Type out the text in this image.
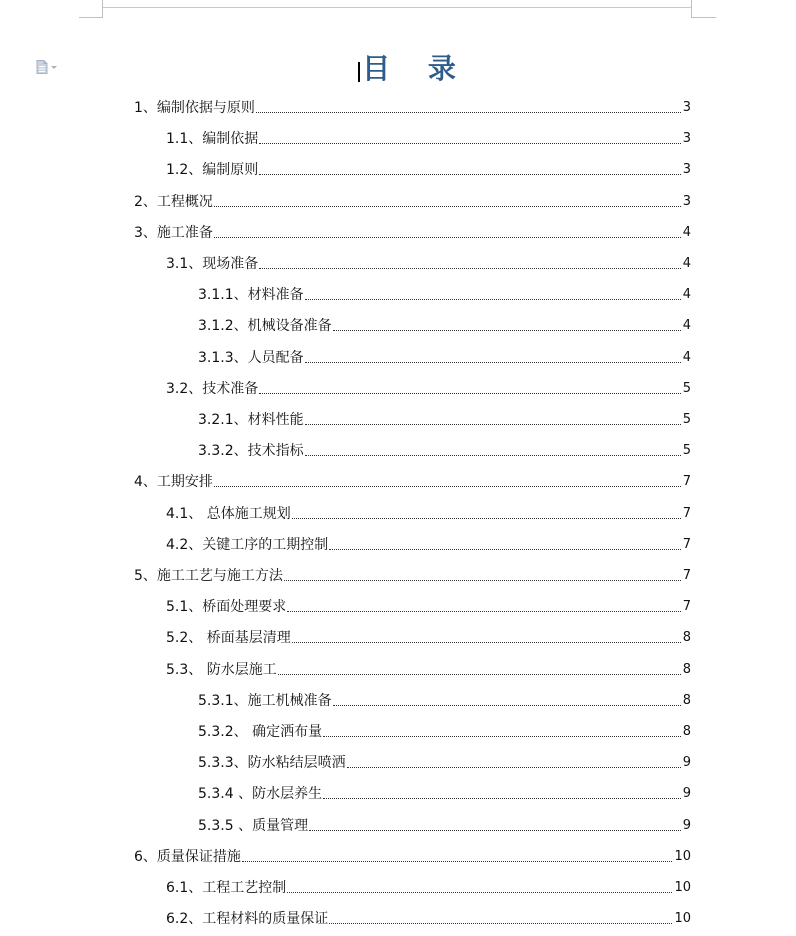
目 录
1、编制依据与原则	3
1.1、编制依据	3
1.2、编制原则	3
2、工程概况	3
3、施工准备	4
3.1、现场准备	4
3.1.1、材料准备	4
3.1.2、机械设备准备	4
3.1.3、人员配备	4
3.2、技术准备	5
3.2.1、材料性能	5
3.3.2、技术指标	5
4、工期安排	7
4.1、 总体施工规划	7
4.2、关键工序的工期控制	7
5、施工工艺与施工方法	7
5.1、桥面处理要求	7
5.2、 桥面基层清理	8
5.3、 防水层施工	8
5.3.1、施工机械准备	8
5.3.2、 确定洒布量	8
5.3.3、防水粘结层喷洒	9
5.3.4 、防水层养生	9
5.3.5 、质量管理	9
6、质量保证措施	10
6.1、工程工艺控制	10
6.2、工程材料的质量保证	10
